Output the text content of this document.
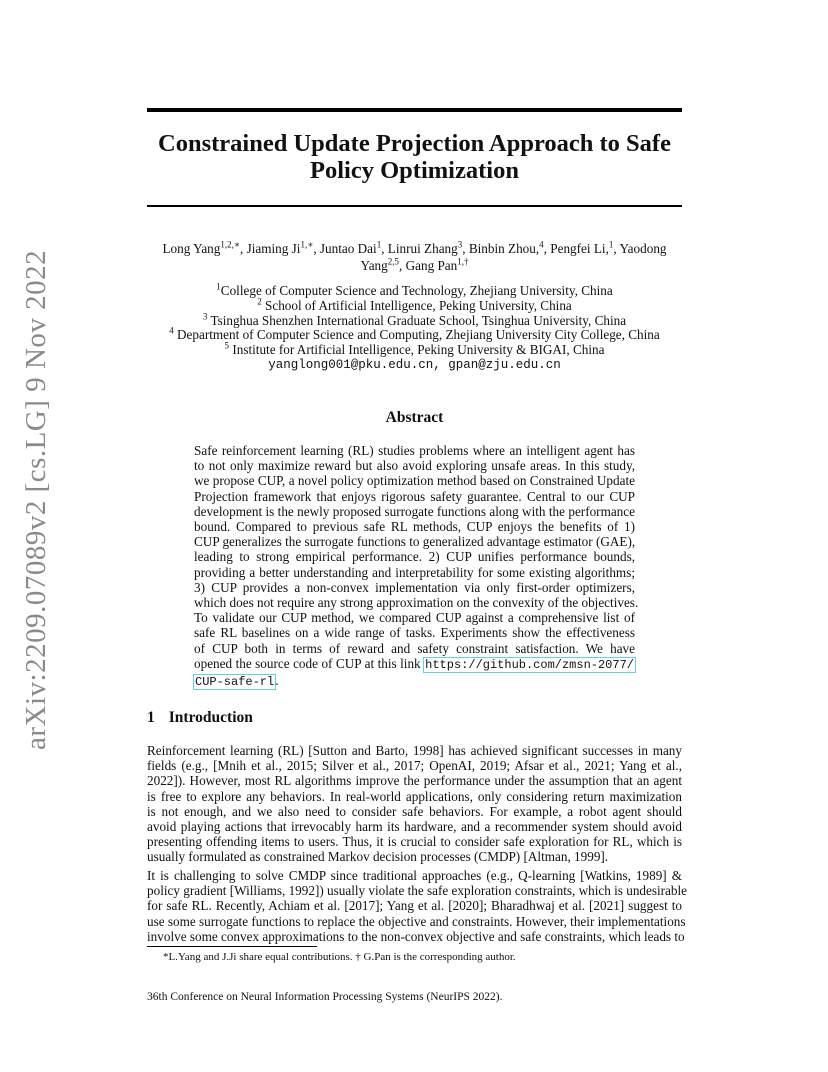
arXiv:2209.07089v2 [cs.LG] 9 Nov 2022
Constrained Update Projection Approach to Safe
Policy Optimization
Long Yang$^{1,2,∗}$, Jiaming $Ji^{1,∗}$, Juntao Dai$^1$, Linrui Zhang$^3$, Binbin Zhou,$^4$, Pengfei Li,$^1$, Yaodong
Yang$^{2,5}$, Gang Pan$^{1,\dagger}$
$^1$College of Computer Science and Technology, Zhejiang University, China
$^2$ School of Artificial Intelligence, Peking University, China
$^3$ Tsinghua Shenzhen International Graduate School, Tsinghua University, China
$^4$ Department of Computer Science and Computing, Zhejiang University City College, China
$^5$ Institute for Artificial Intelligence, Peking University & BIGAI, China
yanglong001@pku.edu.cn, gpan@zju.edu.cn
Abstract
Safe reinforcement learning (RL) studies problems where an intelligent agent has
to not only maximize reward but also avoid exploring unsafe areas. In this study,
we propose CUP, a novel policy optimization method based on Constrained Update
Projection framework that enjoys rigorous safety guarantee. Central to our CUP
development is the newly proposed surrogate functions along with the performance
bound. Compared to previous safe RL methods, CUP enjoys the benefits of 1)
CUP generalizes the surrogate functions to generalized advantage estimator (GAE),
leading to strong empirical performance. 2) CUP unifies performance bounds,
providing a better understanding and interpretability for some existing algorithms;
3) CUP provides a non-convex implementation via only first-order optimizers,
which does not require any strong approximation on the convexity of the objectives.
To validate our CUP method, we compared CUP against a comprehensive list of
safe RL baselines on a wide range of tasks. Experiments show the effectiveness
of CUP both in terms of reward and safety constraint satisfaction. We have
opened the source code of CUP at this link https://github.com/zmsn-2077/
CUP-safe-rl.
1 Introduction
Reinforcement learning (RL) [Sutton and Barto, 1998] has achieved significant successes in many
fields (e.g., [Mnih et al., 2015; Silver et al., 2017; OpenAI, 2019; Afsar et al., 2021; Yang et al.,
2022]). However, most RL algorithms improve the performance under the assumption that an agent
is free to explore any behaviors. In real-world applications, only considering return maximization
is not enough, and we also need to consider safe behaviors. For example, a robot agent should
avoid playing actions that irrevocably harm its hardware, and a recommender system should avoid
presenting offending items to users. Thus, it is crucial to consider safe exploration for RL, which is
usually formulated as constrained Markov decision processes (CMDP) [Altman, 1999].
It is challenging to solve CMDP since traditional approaches (e.g., Q-learning [Watkins, 1989] &
policy gradient [Williams, 1992]) usually violate the safe exploration constraints, which is undesirable
for safe RL. Recently, Achiam et al. [2017]; Yang et al. [2020]; Bharadhwaj et al. [2021] suggest to
use some surrogate functions to replace the objective and constraints. However, their implementations
involve some convex approximations to the non-convex objective and safe constraints, which leads to
*L.Yang and J.Ji share equal contributions. † G.Pan is the corresponding author.
36th Conference on Neural Information Processing Systems (NeurIPS 2022).
